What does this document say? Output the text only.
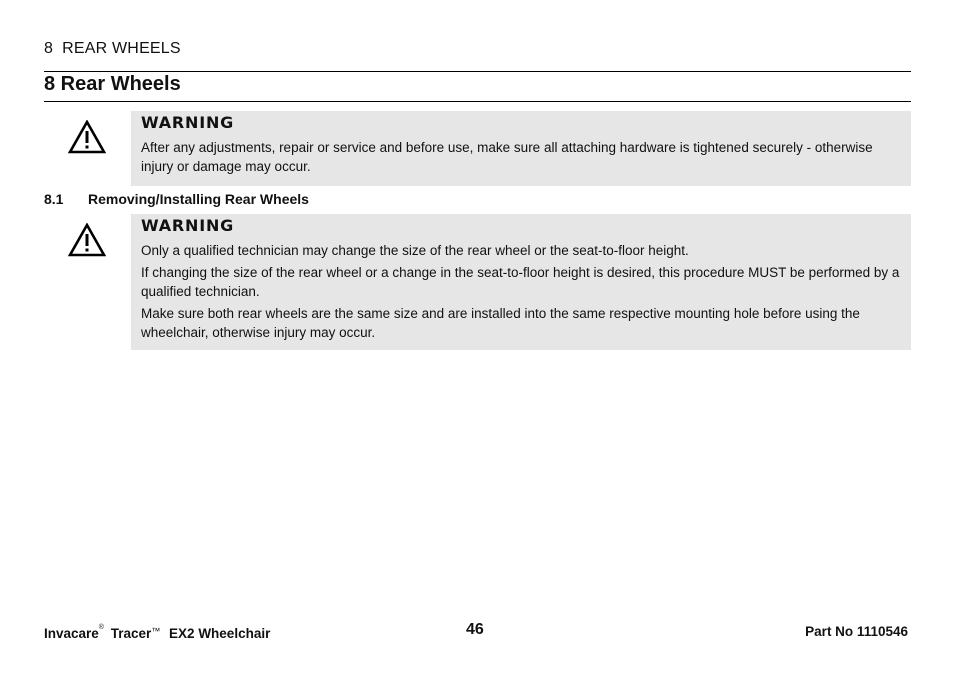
8 REAR WHEELS
8 Rear Wheels
WARNING

After any adjustments, repair or service and before use, make sure all attaching hardware is tightened securely - otherwise injury or damage may occur.

8.1 Removing/Installing Rear Wheels
WARNING

Only a qualified technician may change the size of the rear wheel or the seat-to-floor height.

If changing the size of the rear wheel or a change in the seat-to-floor height is desired, this procedure MUST be performed by a qualified technician.

Make sure both rear wheels are the same size and are installed into the same respective mounting hole before using the wheelchair, otherwise injury may occur.

Invacare® Tracer™ EX2 Wheelchair	46	Part No 1110546
